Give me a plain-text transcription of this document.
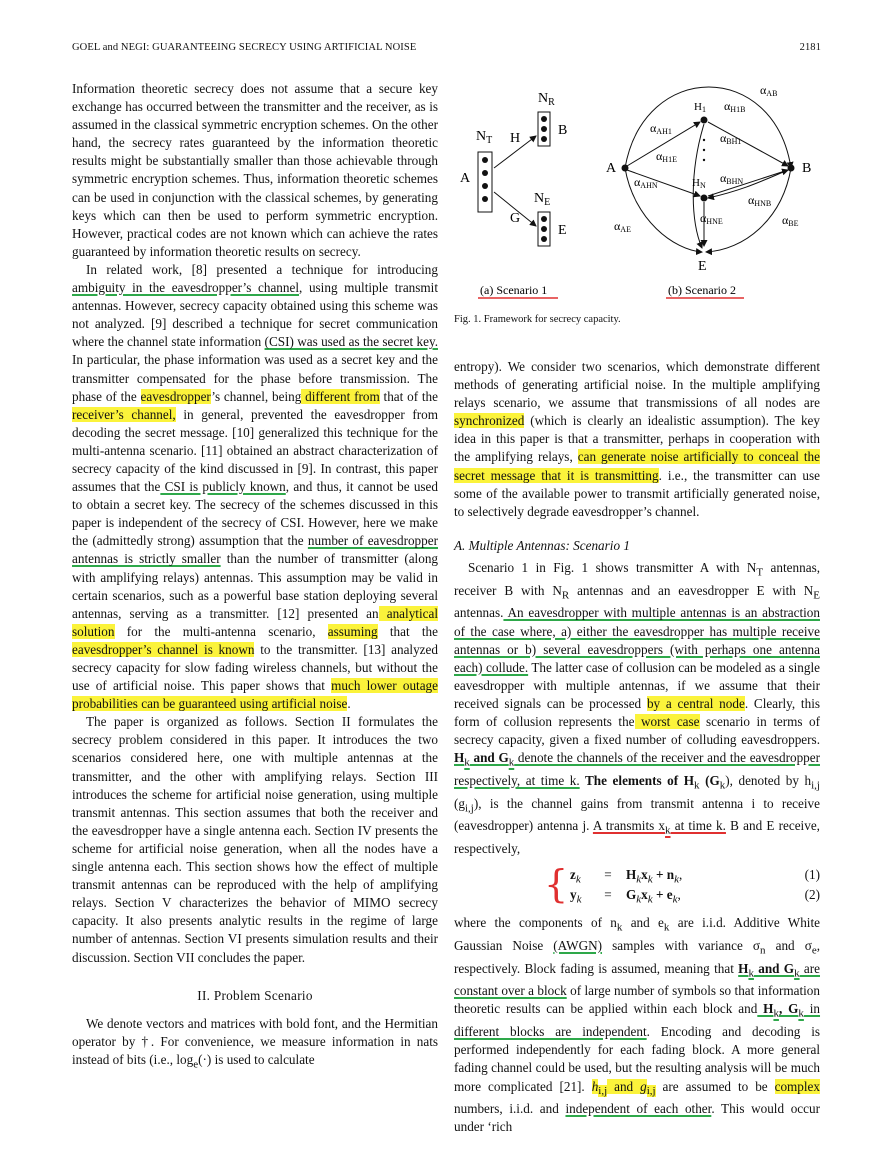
GOEL and NEGI: GUARANTEEING SECRECY USING ARTIFICIAL NOISE	2181

Information theoretic secrecy does not assume that a secure key exchange has occurred between the transmitter and the receiver, as is assumed in the classical symmetric encryption schemes. On the other hand, the secrecy rates guaranteed by the information theoretic results might be substantially smaller than those achievable through symmetric encryption schemes. Thus, information theoretic schemes can be used in conjunction with the classical schemes, by generating keys which can then be used to perform symmetric encryption. However, practical codes are not known which can achieve the rates guaranteed by information theoretic results on secrecy.

In related work, [8] presented a technique for introducing ambiguity in the eavesdropper’s channel, using multiple transmit antennas. However, secrecy capacity obtained using this scheme was not analyzed. [9] described a technique for secret communication where the channel state information (CSI) was used as the secret key. In particular, the phase information was used as a secret key and the transmitter compensated for the phase before transmission. The phase of the eavesdropper’s channel, being different from that of the receiver’s channel, in general, prevented the eavesdropper from decoding the secret message. [10] generalized this technique for the multi-antenna scenario. [11] obtained an abstract characterization of secrecy capacity of the kind discussed in [9]. In contrast, this paper assumes that the CSI is publicly known, and thus, it cannot be used to obtain a secret key. The secrecy of the schemes discussed in this paper is independent of the secrecy of CSI. However, here we make the (admittedly strong) assumption that the number of eavesdropper antennas is strictly smaller than the number of transmitter (along with amplifying relays) antennas. This assumption may be valid in certain scenarios, such as a powerful base station deploying several antennas, serving as a transmitter. [12] presented an analytical solution for the multi-antenna scenario, assuming that the eavesdropper’s channel is known to the transmitter. [13] analyzed secrecy capacity for slow fading wireless channels, but without the use of artificial noise. This paper shows that much lower outage probabilities can be guaranteed using artificial noise.

The paper is organized as follows. Section II formulates the secrecy problem considered in this paper. It introduces the two scenarios considered here, one with multiple antennas at the transmitter, and the other with amplifying relays. Section III introduces the scheme for artificial noise generation, using multiple transmit antennas. This section assumes that both the receiver and the eavesdropper have a single antenna each. Section IV presents the scheme for artificial noise generation, when all the nodes have a single antenna each. This section shows how the effect of multiple transmit antennas can be reproduced with the help of amplifying relays. Section V characterizes the behavior of MIMO secrecy capacity. It also presents analytic results in the regime of large number of antennas. Section VI presents simulation results and their discussion. Section VII concludes the paper.

II. Problem Scenario

We denote vectors and matrices with bold font, and the Hermitian operator by †. For convenience, we measure information in nats instead of bits (i.e., $\log_e(\cdot)$ is used to calculate

A
B
E
H
G
$N_T$
$N_R$
$N_E$
A	B
E
H1
HN
αAB
αAE
αBE
αAH1
αH1B
αBH1
αH1E
αAHN
αBHN
αHNB
αHNE
(a) Scenario 1	(b) Scenario 2
Fig. 1. Framework for secrecy capacity.

entropy). We consider two scenarios, which demonstrate different methods of generating artificial noise. In the multiple amplifying relays scenario, we assume that transmissions of all nodes are synchronized (which is clearly an idealistic assumption). The key idea in this paper is that a transmitter, perhaps in cooperation with the amplifying relays, can generate noise artificially to conceal the secret message that it is transmitting. i.e., the transmitter can use some of the available power to transmit artificially generated noise, to selectively degrade eavesdropper’s channel.

A. Multiple Antennas: Scenario 1

Scenario 1 in Fig. 1 shows transmitter A with $N_T$ antennas, receiver B with $N_R$ antennas and an eavesdropper E with $N_E$ antennas. An eavesdropper with multiple antennas is an abstraction of the case where, a) either the eavesdropper has multiple receive antennas or b) several eavesdroppers (with perhaps one antenna each) collude. The latter case of collusion can be modeled as a single eavesdropper with multiple antennas, if we assume that their received signals can be processed by a central node. Clearly, this form of collusion represents the worst case scenario in terms of secrecy capacity, given a fixed number of colluding eavesdroppers. $H_k$ and $G_k$ denote the channels of the receiver and the eavesdropper respectively, at time k. The elements of $H_k$ $(G_k)$, denoted by $h_{i,j}$ $(g_{i,j})$, is the channel gains from transmit antenna i to receive (eavesdropper) antenna j. A transmits $x_k$ at time k. B and E receive, respectively,

{ $z_k$	=	$H_kx_k + n_k$,	(1)
$y_k$	=	$G_kx_k + e_k$,	(2)

where the components of $n_k$ and $e_k$ are i.i.d. Additive White Gaussian Noise (AWGN) samples with variance $\sigma_n$ and $\sigma_e$, respectively. Block fading is assumed, meaning that $H_k$ and $G_k$ are constant over a block of large number of symbols so that information theoretic results can be applied within each block and $H_k$, $G_k$ in different blocks are independent. Encoding and decoding is performed independently for each fading block. A more general fading channel could be used, but the resulting analysis will be much more complicated [21]. $h_{i,j}$ and $g_{i,j}$ are assumed to be complex numbers, i.i.d. and independent of each other. This would occur under ‘rich
